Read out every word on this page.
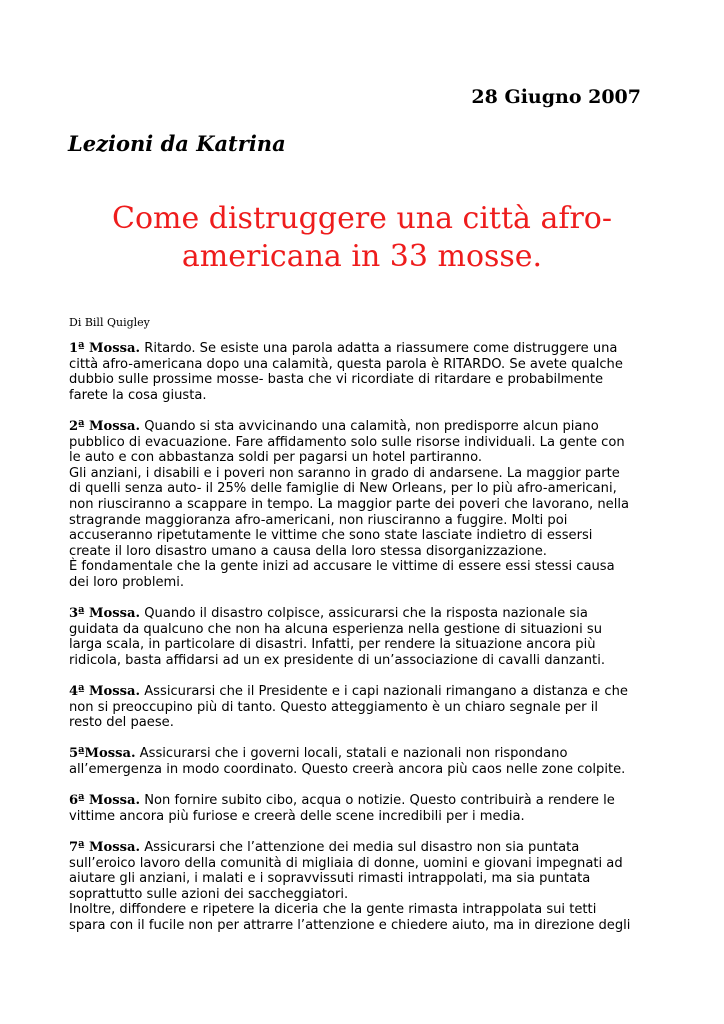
28 Giugno 2007
Lezioni da Katrina
Come distruggere una città afro-
americana in 33 mosse.
Di Bill Quigley
1ª Mossa. Ritardo. Se esiste una parola adatta a riassumere come distruggere una
città afro-americana dopo una calamità, questa parola è RITARDO. Se avete qualche
dubbio sulle prossime mosse- basta che vi ricordiate di ritardare e probabilmente
farete la cosa giusta.
2ª Mossa. Quando si sta avvicinando una calamità, non predisporre alcun piano
pubblico di evacuazione. Fare affidamento solo sulle risorse individuali. La gente con
le auto e con abbastanza soldi per pagarsi un hotel partiranno.
Gli anziani, i disabili e i poveri non saranno in grado di andarsene. La maggior parte
di quelli senza auto- il 25% delle famiglie di New Orleans, per lo più afro-americani,
non riusciranno a scappare in tempo. La maggior parte dei poveri che lavorano, nella
stragrande maggioranza afro-americani, non riusciranno a fuggire. Molti poi
accuseranno ripetutamente le vittime che sono state lasciate indietro di essersi
create il loro disastro umano a causa della loro stessa disorganizzazione.
È fondamentale che la gente inizi ad accusare le vittime di essere essi stessi causa
dei loro problemi.
3ª Mossa. Quando il disastro colpisce, assicurarsi che la risposta nazionale sia
guidata da qualcuno che non ha alcuna esperienza nella gestione di situazioni su
larga scala, in particolare di disastri. Infatti, per rendere la situazione ancora più
ridicola, basta affidarsi ad un ex presidente di un’associazione di cavalli danzanti.
4ª Mossa. Assicurarsi che il Presidente e i capi nazionali rimangano a distanza e che
non si preoccupino più di tanto. Questo atteggiamento è un chiaro segnale per il
resto del paese.
5ªMossa. Assicurarsi che i governi locali, statali e nazionali non rispondano
all’emergenza in modo coordinato. Questo creerà ancora più caos nelle zone colpite.
6ª Mossa. Non fornire subito cibo, acqua o notizie. Questo contribuirà a rendere le
vittime ancora più furiose e creerà delle scene incredibili per i media.
7ª Mossa. Assicurarsi che l’attenzione dei media sul disastro non sia puntata
sull’eroico lavoro della comunità di migliaia di donne, uomini e giovani impegnati ad
aiutare gli anziani, i malati e i sopravvissuti rimasti intrappolati, ma sia puntata
soprattutto sulle azioni dei saccheggiatori.
Inoltre, diffondere e ripetere la diceria che la gente rimasta intrappolata sui tetti
spara con il fucile non per attrarre l’attenzione e chiedere aiuto, ma in direzione degli
